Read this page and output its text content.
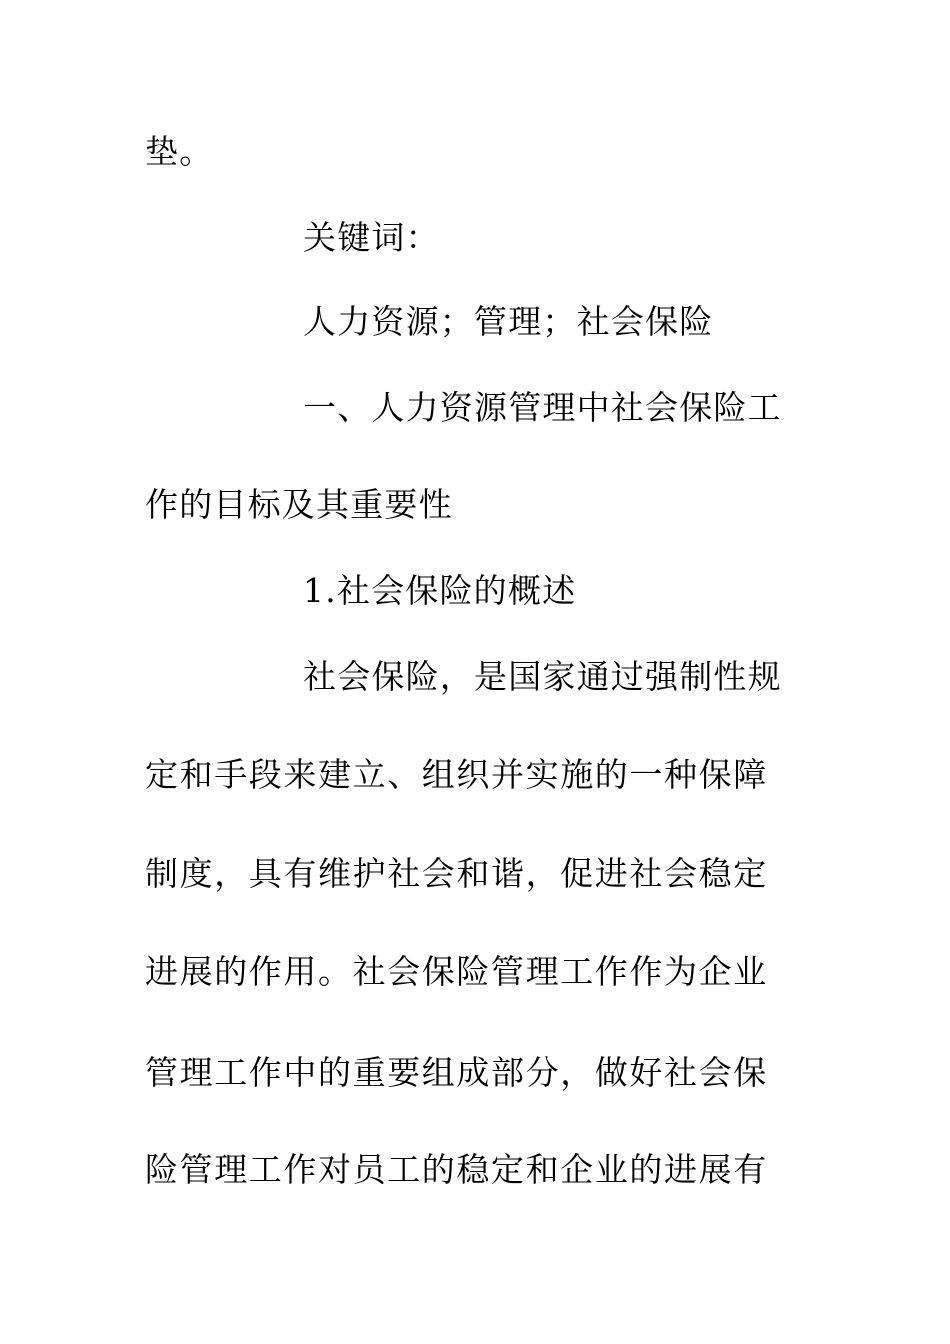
垫。
关键词：
人力资源；管理；社会保险
一、人力资源管理中社会保险工
作的目标及其重要性
1.社会保险的概述
社会保险，是国家通过强制性规
定和手段来建立、组织并实施的一种保障
制度，具有维护社会和谐，促进社会稳定
进展的作用。社会保险管理工作作为企业
管理工作中的重要组成部分，做好社会保
险管理工作对员工的稳定和企业的进展有
